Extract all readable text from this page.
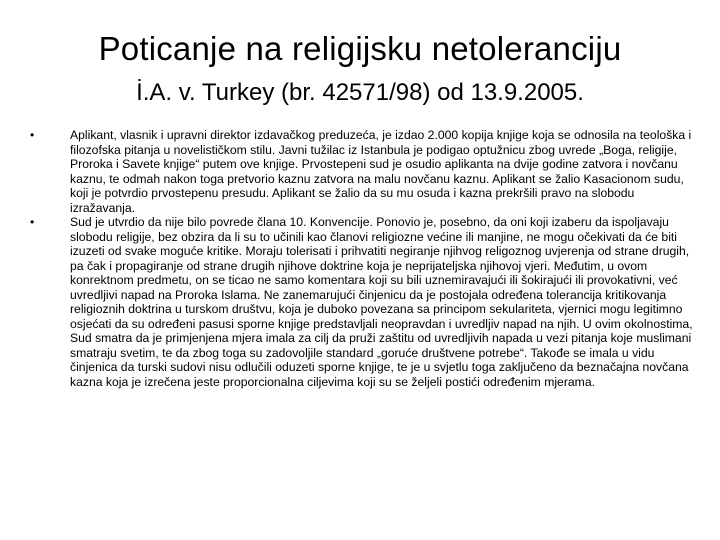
Poticanje na religijsku netoleranciju
İ.A. v. Turkey (br. 42571/98) od 13.9.2005.
•	Aplikant, vlasnik i upravni direktor izdavačkog preduzeća, je izdao 2.000 kopija knjige koja se odnosila na teološka i filozofska pitanja u novelističkom stilu. Javni tužilac iz Istanbula je podigao optužnicu zbog uvrede „Boga, religije, Proroka i Savete knjige“ putem ove knjige. Prvostepeni sud je osudio aplikanta na dvije godine zatvora i novčanu kaznu, te odmah nakon toga pretvorio kaznu zatvora na malu novčanu kaznu. Aplikant se žalio Kasacionom sudu, koji je potvrdio prvostepenu presudu. Aplikant se žalio da su mu osuda i kazna prekršili pravo na slobodu izražavanja.
•	Sud je utvrdio da nije bilo povrede člana 10. Konvencije. Ponovio je, posebno, da oni koji izaberu da ispoljavaju slobodu religije, bez obzira da li su to učinili kao članovi religiozne većine ili manjine, ne mogu očekivati da će biti izuzeti od svake moguće kritike. Moraju tolerisati i prihvatiti negiranje njihvog religoznog uvjerenja od strane drugih, pa čak i propagiranje od strane drugih njihove doktrine koja je neprijateljska njihovoj vjeri. Međutim, u ovom konrektnom predmetu, on se ticao ne samo komentara koji su bili uznemiravajući ili šokirajući ili provokativni, već uvredljivi napad na Proroka Islama. Ne zanemarujući činjenicu da je postojala određena tolerancija kritikovanja religioznih doktrina u turskom društvu, koja je duboko povezana sa principom sekulariteta, vjernici mogu legitimno osjećati da su određeni pasusi sporne knjige predstavljali neopravdan i uvredljiv napad na njih. U ovim okolnostima, Sud smatra da je primjenjena mjera imala za cilj da pruži zaštitu od uvredljivih napada u vezi pitanja koje muslimani smatraju svetim, te da zbog toga su zadovoljile standard „goruće društvene potrebe“. Takođe se imala u vidu činjenica da turski sudovi nisu odlučili oduzeti sporne knjige, te je u svjetlu toga zaključeno da beznačajna novčana kazna koja je izrečena jeste proporcionalna ciljevima koji su se željeli postići određenim mjerama.
